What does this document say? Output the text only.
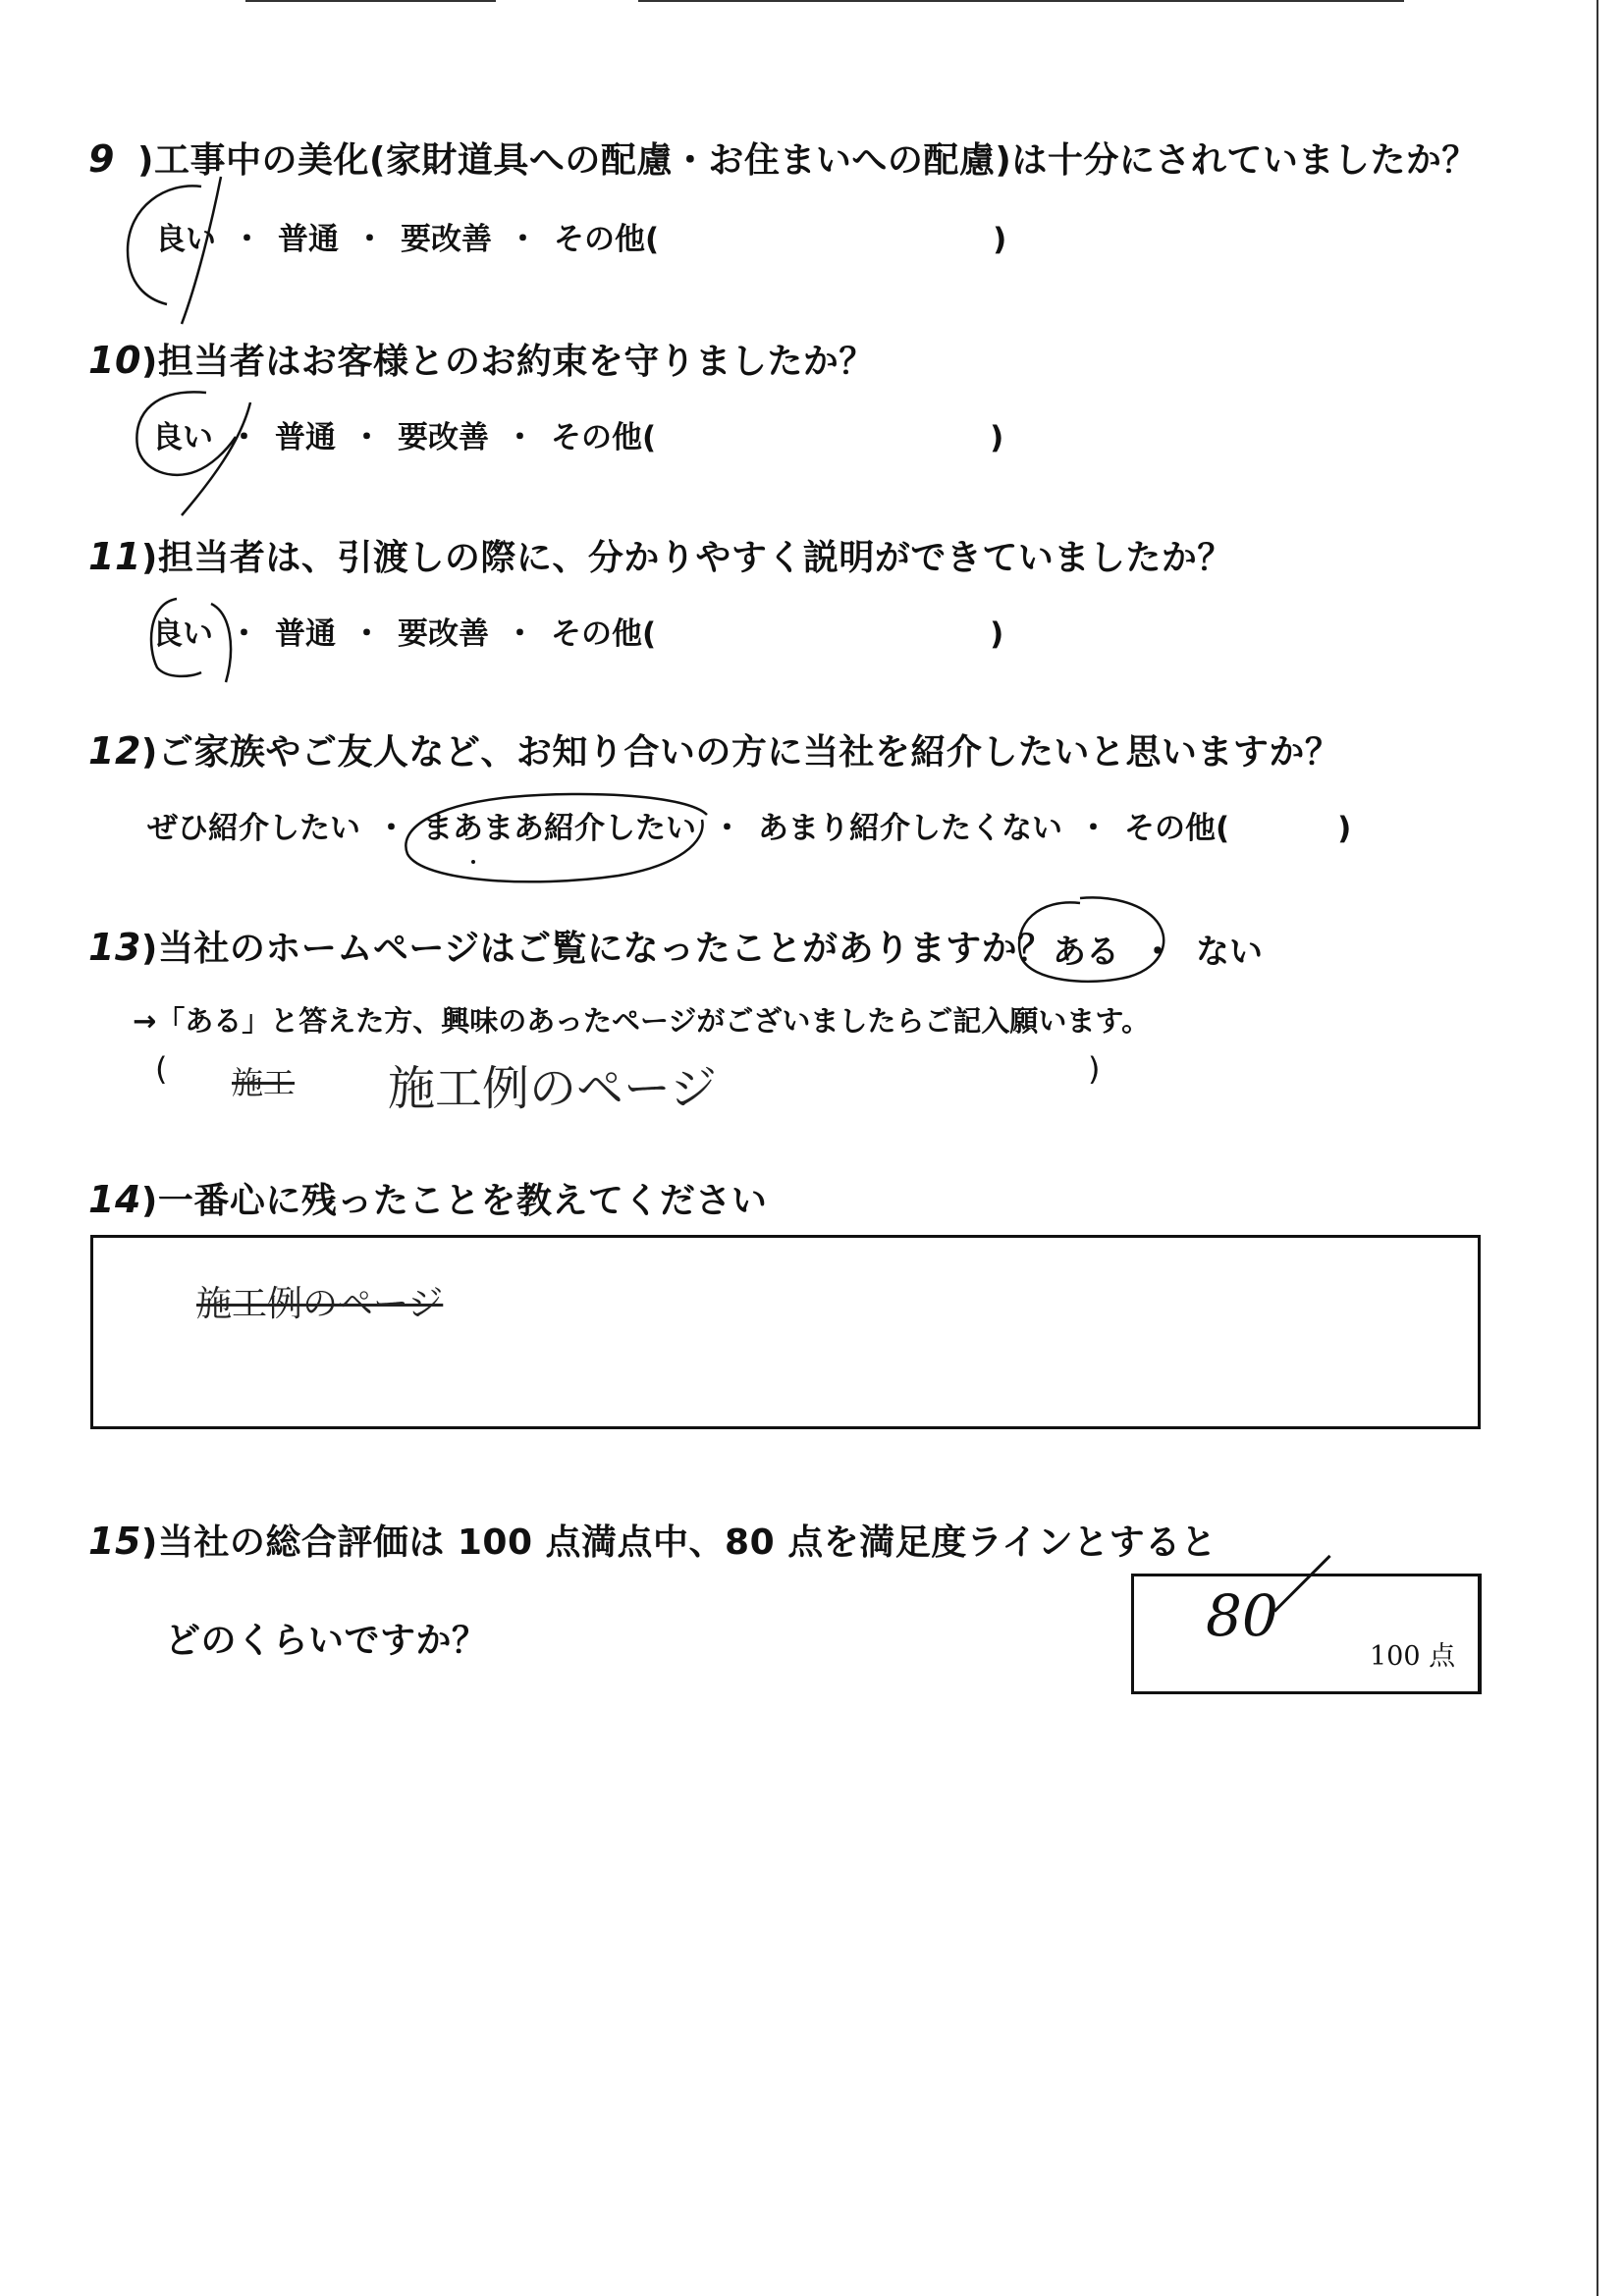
9 )工事中の美化(家財道具への配慮・お住まいへの配慮)は十分にされていましたか？
良い ・ 普通 ・ 要改善 ・ その他(	)
10)担当者はお客様とのお約束を守りましたか？
良い ・ 普通 ・ 要改善 ・ その他(	)
11)担当者は、引渡しの際に、分かりやすく説明ができていましたか？
良い ・ 普通 ・ 要改善 ・ その他(	)
12)ご家族やご友人など、お知り合いの方に当社を紹介したいと思いますか？
ぜひ紹介したい ・ まあまあ紹介したい ・ あまり紹介したくない ・ その他(	)
13)当社のホームページはご覧になったことがありますか？ ある ・ ない
→「ある」と答えた方、興味のあったページがございましたらご記入願います。
(	)
施工 施工例のページ
14)一番心に残ったことを教えてください
施工例のページ
15)当社の総合評価は 100 点満点中、80 点を満足度ラインとすると
どのくらいですか？	80
100 点
